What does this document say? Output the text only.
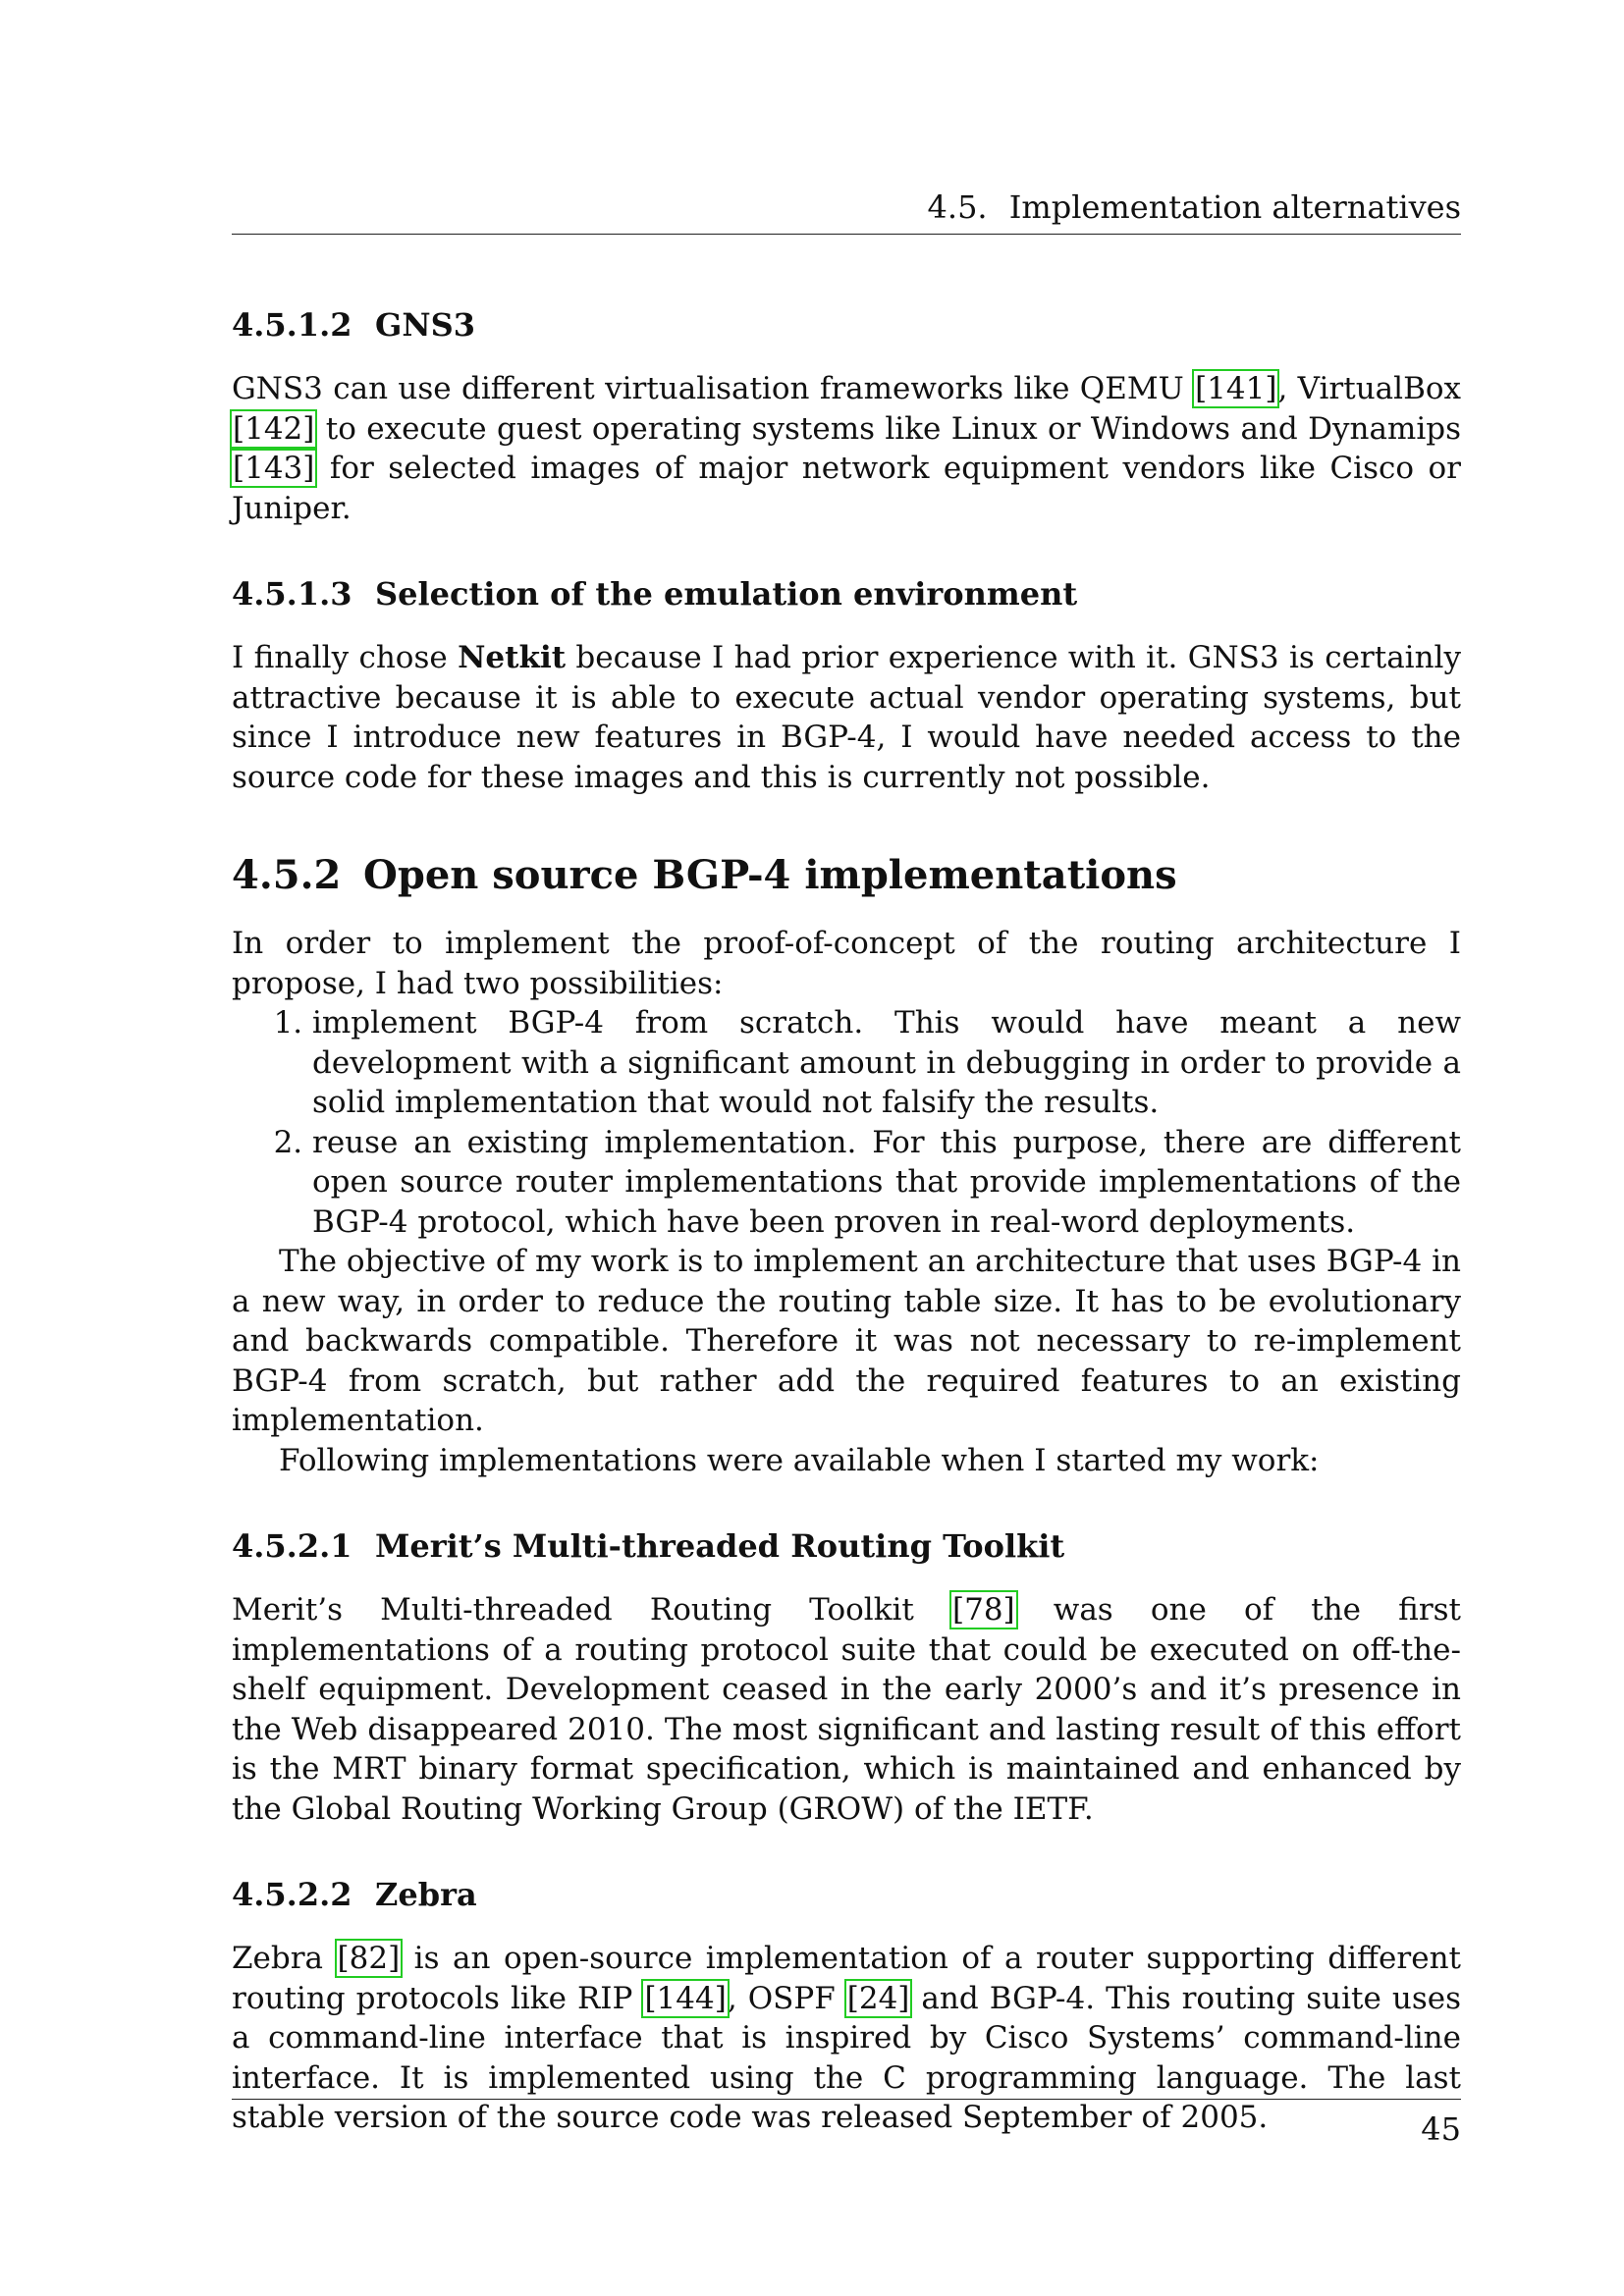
4.5. Implementation alternatives
4.5.1.2 GNS3

GNS3 can use different virtualisation frameworks like QEMU [141], VirtualBox [142] to execute guest operating systems like Linux or Windows and Dynamips [143] for selected images of major network equipment vendors like Cisco or Juniper.

4.5.1.3 Selection of the emulation environment

I finally chose Netkit because I had prior experience with it. GNS3 is certainly attractive because it is able to execute actual vendor operating systems, but since I introduce new features in BGP-4, I would have needed access to the source code for these images and this is currently not possible.

4.5.2 Open source BGP-4 implementations

In order to implement the proof-of-concept of the routing architecture I propose, I had two possibilities:

1. implement BGP-4 from scratch. This would have meant a new development with a significant amount in debugging in order to provide a solid implementation that would not falsify the results.
2. reuse an existing implementation. For this purpose, there are different open source router implementations that provide implementations of the BGP-4 protocol, which have been proven in real-word deployments.

The objective of my work is to implement an architecture that uses BGP-4 in a new way, in order to reduce the routing table size. It has to be evolutionary and backwards compatible. Therefore it was not necessary to re-implement BGP-4 from scratch, but rather add the required features to an existing implementation.

Following implementations were available when I started my work:

4.5.2.1 Merit’s Multi-threaded Routing Toolkit

Merit’s Multi-threaded Routing Toolkit [78] was one of the first implementations of a routing protocol suite that could be executed on off-the-shelf equipment. Development ceased in the early 2000’s and it’s presence in the Web disappeared 2010. The most significant and lasting result of this effort is the MRT binary format specification, which is maintained and enhanced by the Global Routing Working Group (GROW) of the IETF.

4.5.2.2 Zebra

Zebra [82] is an open-source implementation of a router supporting different routing protocols like RIP [144], OSPF [24] and BGP-4. This routing suite uses a command-line interface that is inspired by Cisco Systems’ command-line interface. It is implemented using the C programming language. The last stable version of the source code was released September of 2005.	45
